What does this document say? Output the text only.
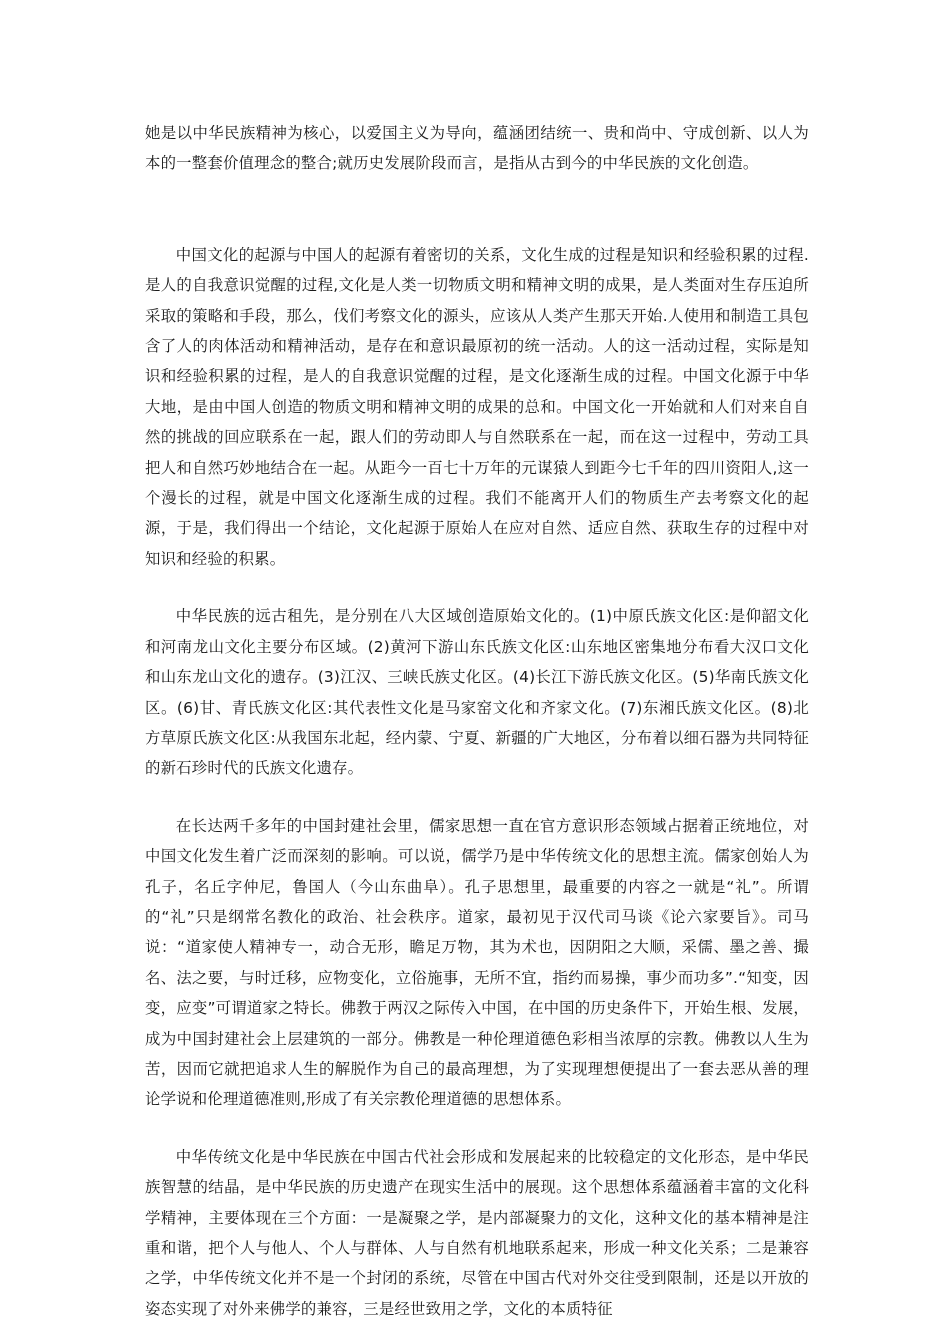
她是以中华民族精神为核心，以爱国主义为导向，蕴涵团结统一、贵和尚中、守成创新、以人为本的一整套价值理念的整合;就历史发展阶段而言，是指从古到今的中华民族的文化创造。

中国文化的起源与中国人的起源有着密切的关系，文化生成的过程是知识和经验积累的过程.是人的自我意识觉醒的过程,文化是人类一切物质文明和精神文明的成果，是人类面对生存压迫所采取的策略和手段，那么，伐们考察文化的源头，应该从人类产生那天开始.人使用和制造工具包含了人的肉体活动和精神活动，是存在和意识最原初的统一活动。人的这一活动过程，实际是知识和经验积累的过程，是人的自我意识觉醒的过程，是文化逐渐生成的过程。中国文化源于中华大地，是由中国人创造的物质文明和精神文明的成果的总和。中国文化一开始就和人们对来自自然的挑战的回应联系在一起，跟人们的劳动即人与自然联系在一起，而在这一过程中，劳动工具把人和自然巧妙地结合在一起。从距今一百七十万年的元谋猿人到距今七千年的四川资阳人,这一个漫长的过程，就是中国文化逐渐生成的过程。我们不能离开人们的物质生产去考察文化的起源，于是，我们得出一个结论，文化起源于原始人在应对自然、适应自然、获取生存的过程中对知识和经验的积累。

中华民族的远古租先，是分别在八大区域创造原始文化的。(1)中原氏族文化区:是仰韶文化和河南龙山文化主要分布区域。(2)黄河下游山东氏族文化区:山东地区密集地分布看大汉口文化和山东龙山文化的遗存。(3)江汉、三峡氏族丈化区。(4)长江下游氏族文化区。(5)华南氏族文化区。(6)甘、青氏族文化区:其代表性文化是马家窑文化和齐家文化。(7)东湘氏族文化区。(8)北方草原氏族文化区:从我国东北起，经内蒙、宁夏、新疆的广大地区，分布着以细石器为共同特征的新石珍时代的氏族文化遗存。

在长达两千多年的中国封建社会里，儒家思想一直在官方意识形态领域占据着正统地位，对中国文化发生着广泛而深刻的影响。可以说，儒学乃是中华传统文化的思想主流。儒家创始人为孔子，名丘字仲尼，鲁国人（今山东曲阜）。孔子思想里，最重要的内容之一就是“礼”。所谓的“礼”只是纲常名教化的政治、社会秩序。道家，最初见于汉代司马谈《论六家要旨》。司马说：“道家使人精神专一，动合无形，瞻足万物，其为术也，因阴阳之大顺，采儒、墨之善、撮名、法之要，与时迁移，应物变化，立俗施事，无所不宜，指约而易操，事少而功多”.“知变，因变，应变”可谓道家之特长。佛教于两汉之际传入中国，在中国的历史条件下，开始生根、发展，成为中国封建社会上层建筑的一部分。佛教是一种伦理道德色彩相当浓厚的宗教。佛教以人生为苦，因而它就把追求人生的解脱作为自己的最高理想，为了实现理想便提出了一套去恶从善的理论学说和伦理道德准则,形成了有关宗教伦理道德的思想体系。

中华传统文化是中华民族在中国古代社会形成和发展起来的比较稳定的文化形态，是中华民族智慧的结晶，是中华民族的历史遗产在现实生活中的展现。这个思想体系蕴涵着丰富的文化科学精神，主要体现在三个方面：一是凝聚之学，是内部凝聚力的文化，这种文化的基本精神是注重和谐，把个人与他人、个人与群体、人与自然有机地联系起来，形成一种文化关系；二是兼容之学，中华传统文化并不是一个封闭的系统，尽管在中国古代对外交往受到限制，还是以开放的姿态实现了对外来佛学的兼容，三是经世致用之学，文化的本质特征
